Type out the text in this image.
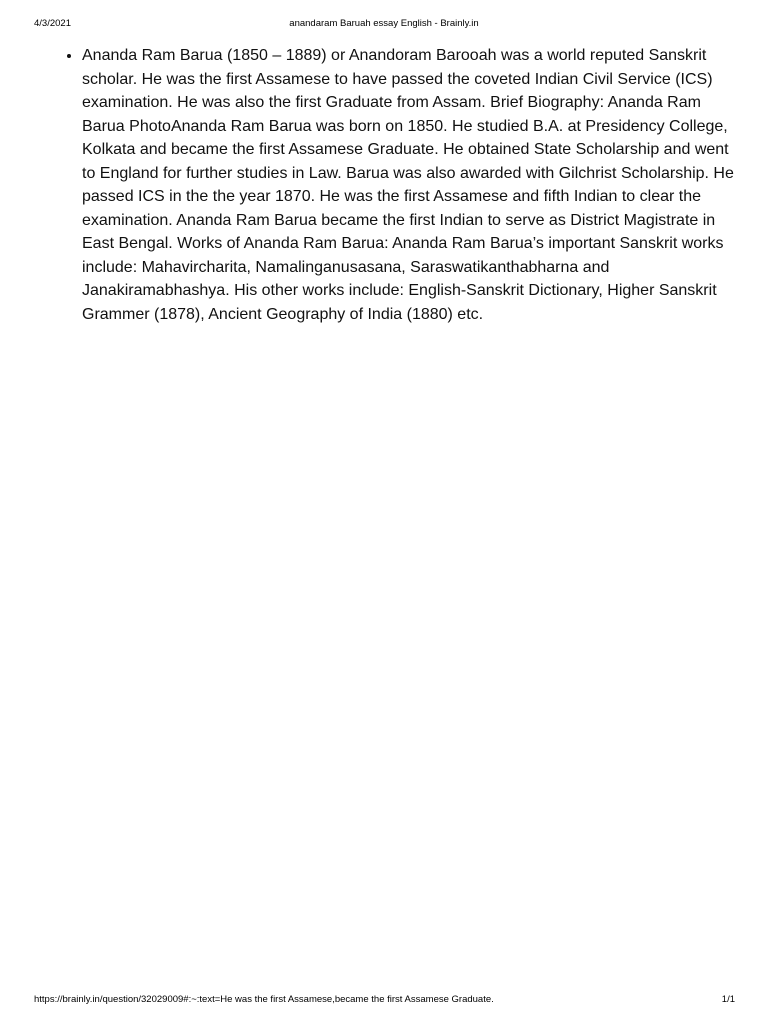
4/3/2021	anandaram Baruah essay English - Brainly.in
• Ananda Ram Barua (1850 – 1889) or Anandoram Barooah was a world reputed Sanskrit scholar. He was the first Assamese to have passed the coveted Indian Civil Service (ICS) examination. He was also the first Graduate from Assam. Brief Biography: Ananda Ram Barua PhotoAnanda Ram Barua was born on 1850. He studied B.A. at Presidency College, Kolkata and became the first Assamese Graduate. He obtained State Scholarship and went to England for further studies in Law. Barua was also awarded with Gilchrist Scholarship. He passed ICS in the the year 1870. He was the first Assamese and fifth Indian to clear the examination. Ananda Ram Barua became the first Indian to serve as District Magistrate in East Bengal. Works of Ananda Ram Barua: Ananda Ram Barua’s important Sanskrit works include: Mahavircharita, Namalinganusasana, Saraswatikanthabharna and Janakiramabhashya. His other works include: English-Sanskrit Dictionary, Higher Sanskrit Grammer (1878), Ancient Geography of India (1880) etc.
https://brainly.in/question/32029009#:~:text=He was the first Assamese,became the first Assamese Graduate.	1/1
